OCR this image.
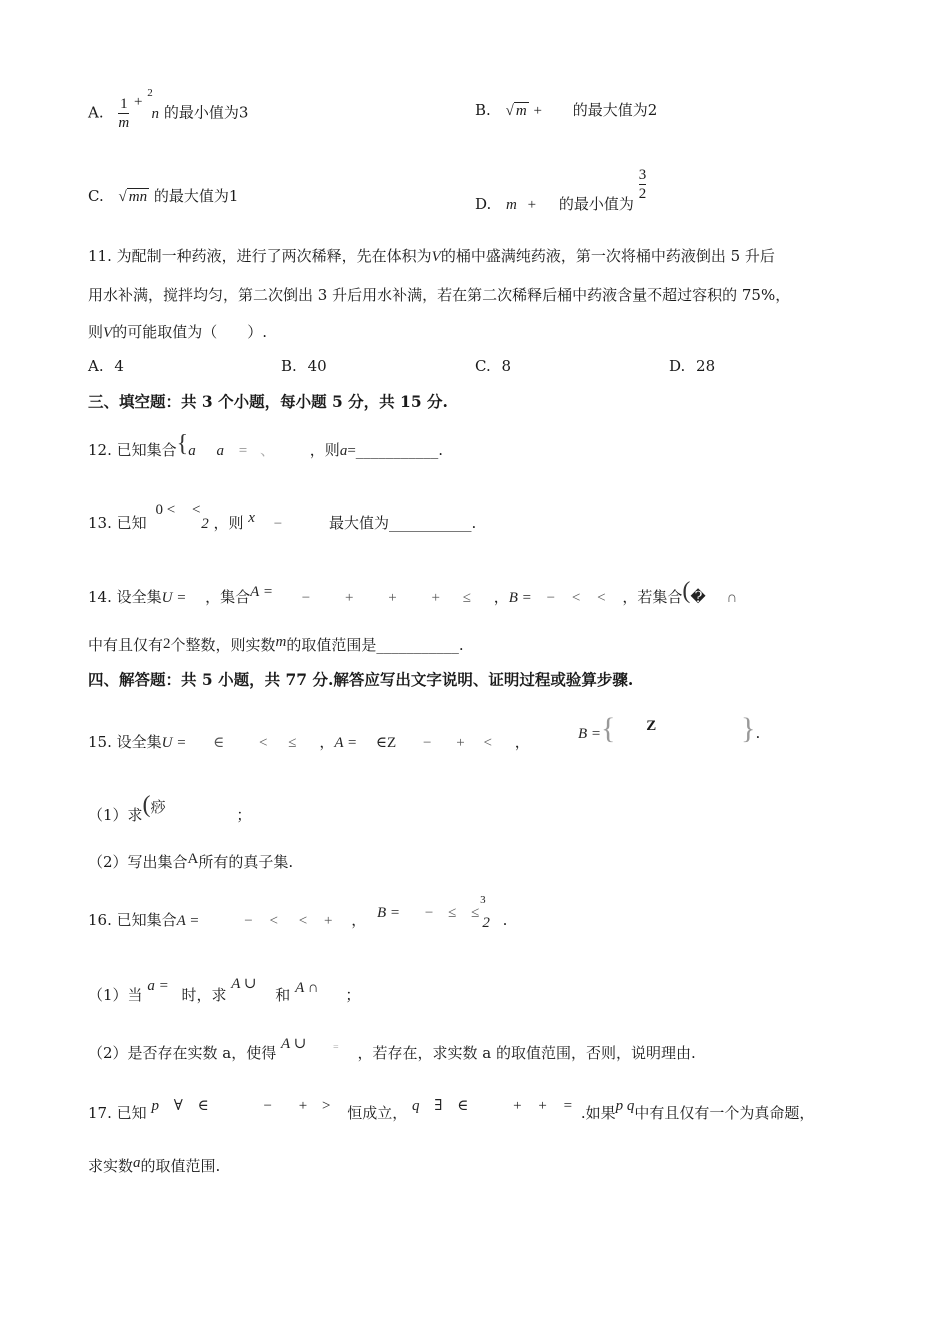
A. $\frac{1}{m} + ^2$ n 的最小值为3	B. √ m + 的最大值为2
C. √ mn 的最大值为1	D. m + 的最小值为
$\frac{3}{2}$
11. 为配制一种药液，进行了两次稀释，先在体积为V的桶中盛满纯药液，第一次将桶中药液倒出 5 升后
用水补满，搅拌均匀，第二次倒出 3 升后用水补满，若在第二次稀释后桶中药液含量不超过容积的 75%，
则V的可能取值为（　　）.
A. 4	B. 40	C. 8	D. 28
三、填空题：共 3 个小题，每小题 5 分，共 15 分.
12. 已知集合{a a = 、 ，则a=___________.
13. 已知 0 < < 2 ，则 x −	最大值为___________.
14. 设全集U = ，集合A = − + + + ≤ ，B = − < < ，若集合(� ∩
中有且仅有2个整数，则实数m的取值范围是___________.
四、解答题：共 5 小题，共 77 分.解答应写出文字说明、证明过程或验算步骤.
15. 设全集U = ∈ < ≤ ，A = ∈Z − + < ，	B ={ Z	}.
（1）求(痧	；
（2）写出集合A所有的真子集.
16. 已知集合A =	− < < + ， B = − ≤ ≤ $^3$ 2 .
（1）当 a = 时，求 A ∪ 和 A ∩ ；
（2）是否存在实数 a，使得 A ∪	= ，若存在，求实数 a 的取值范围，否则，说明理由.
17. 已知 p ∀ ∈	− + > 恒成立， q ∃ ∈	+ + = .如果p q中有且仅有一个为真命题，
求实数a的取值范围.
